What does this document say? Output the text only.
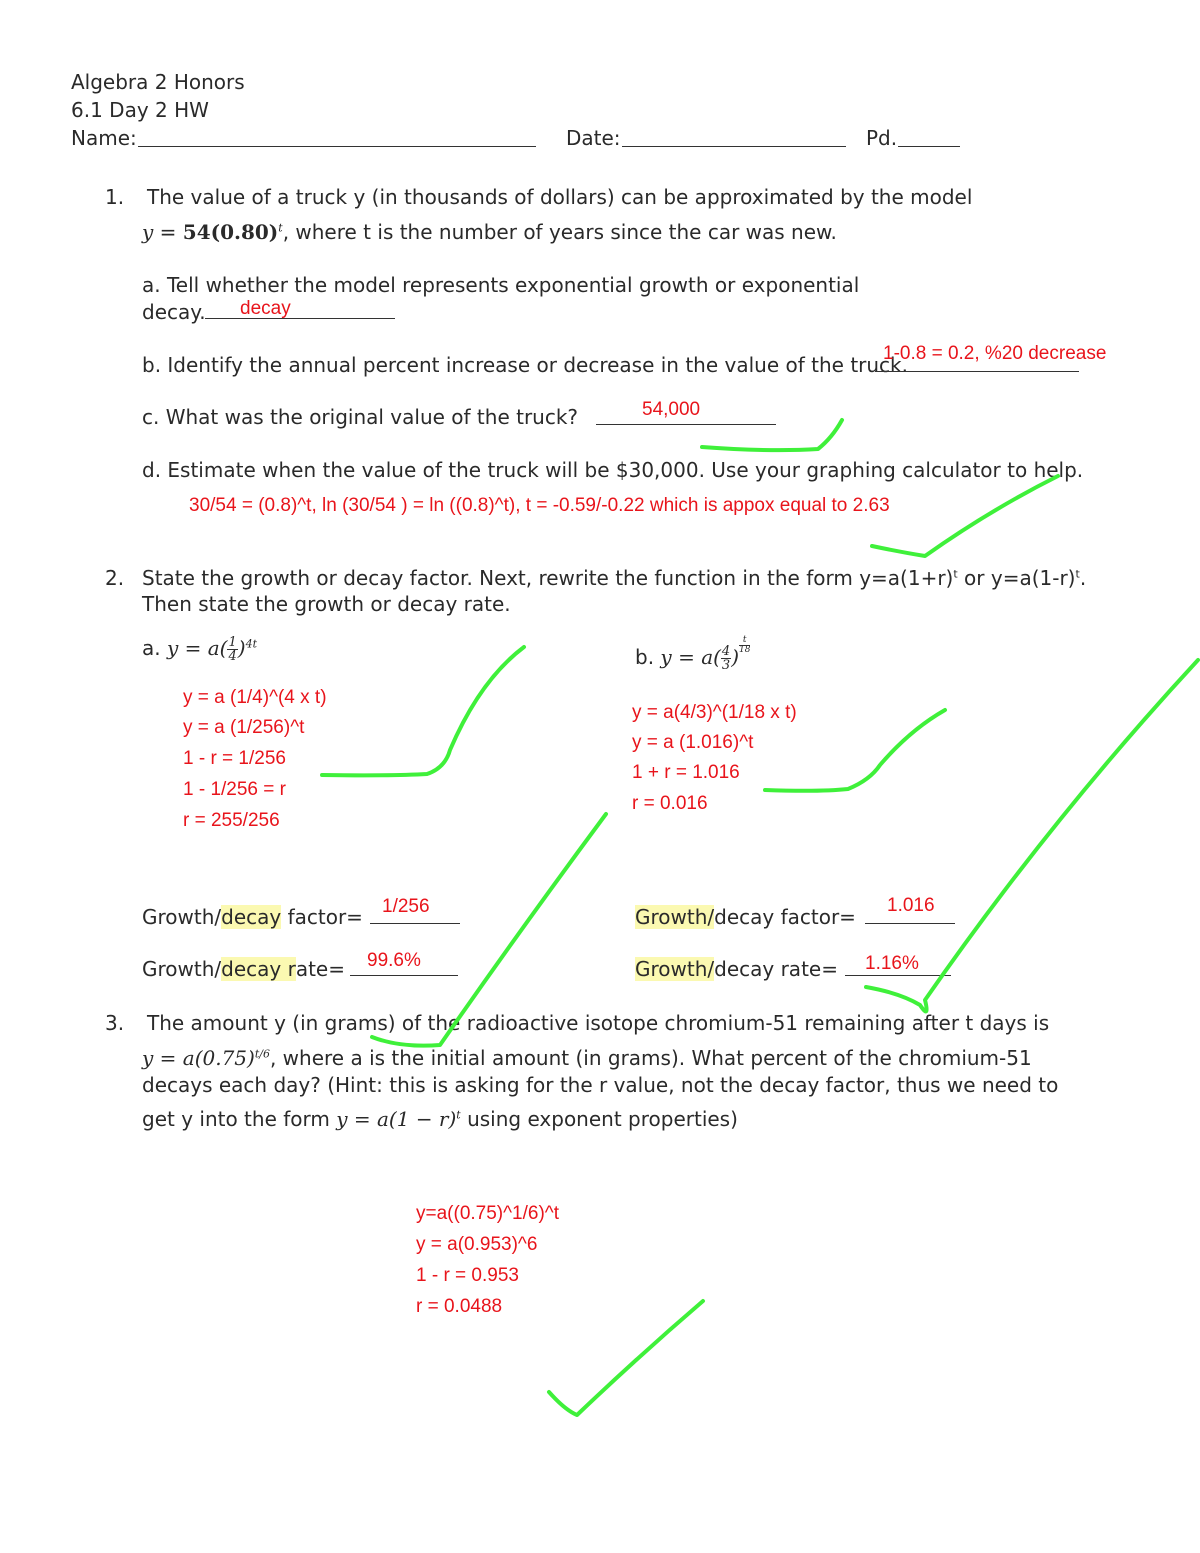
Algebra 2 Honors
6.1 Day 2 HW
Name:	Date:	Pd.
1. The value of a truck y (in thousands of dollars) can be approximated by the model
$y = 54(0.80)^t$, where t is the number of years since the car was new.
a. Tell whether the model represents exponential growth or exponential
decay. decay
b. Identify the annual percent increase or decrease in the value of the truck.
1-0.8 = 0.2, %20 decrease
c. What was the original value of the truck?	54,000
d. Estimate when the value of the truck will be $30,000. Use your graphing calculator to help.
30/54 = (0.8)^t, ln (30/54 ) = ln ((0.8)^t), t = -0.59/-0.22 which is appox equal to 2.63
2. State the growth or decay factor. Next, rewrite the function in the form $y=a(1+r)^t$ or $y=a(1-r)^t$.
Then state the growth or decay rate.
a. $y = a( \frac{1}{4} )^{4t}$
y = a (1/4)^(4 x t)
y = a (1/256)^t
1 - r = 1/256
1 - 1/256 = r
r = 255/256
b. $y = a( \frac{4}{3}$ ) $^{\frac{t}{18}}$
y = a(4/3)^(1/18 x t)
y = a (1.016)^t
1 + r = 1.016
r = 0.016
Growth/decay factor= 1/256
Growth/decay rate= 99.6%
Growth/decay factor= 1.016
Growth/decay rate= 1.16%
3. The amount y (in grams) of the radioactive isotope chromium-51 remaining after t days is
$y = a(0.75)^{t/6}$, where a is the initial amount (in grams). What percent of the chromium-51
decays each day? (Hint: this is asking for the r value, not the decay factor, thus we need to
get y into the form $y = a(1 - r)^t$ using exponent properties)
y=a((0.75)^1/6)^t
y = a(0.953)^6
1 - r = 0.953
r = 0.0488
